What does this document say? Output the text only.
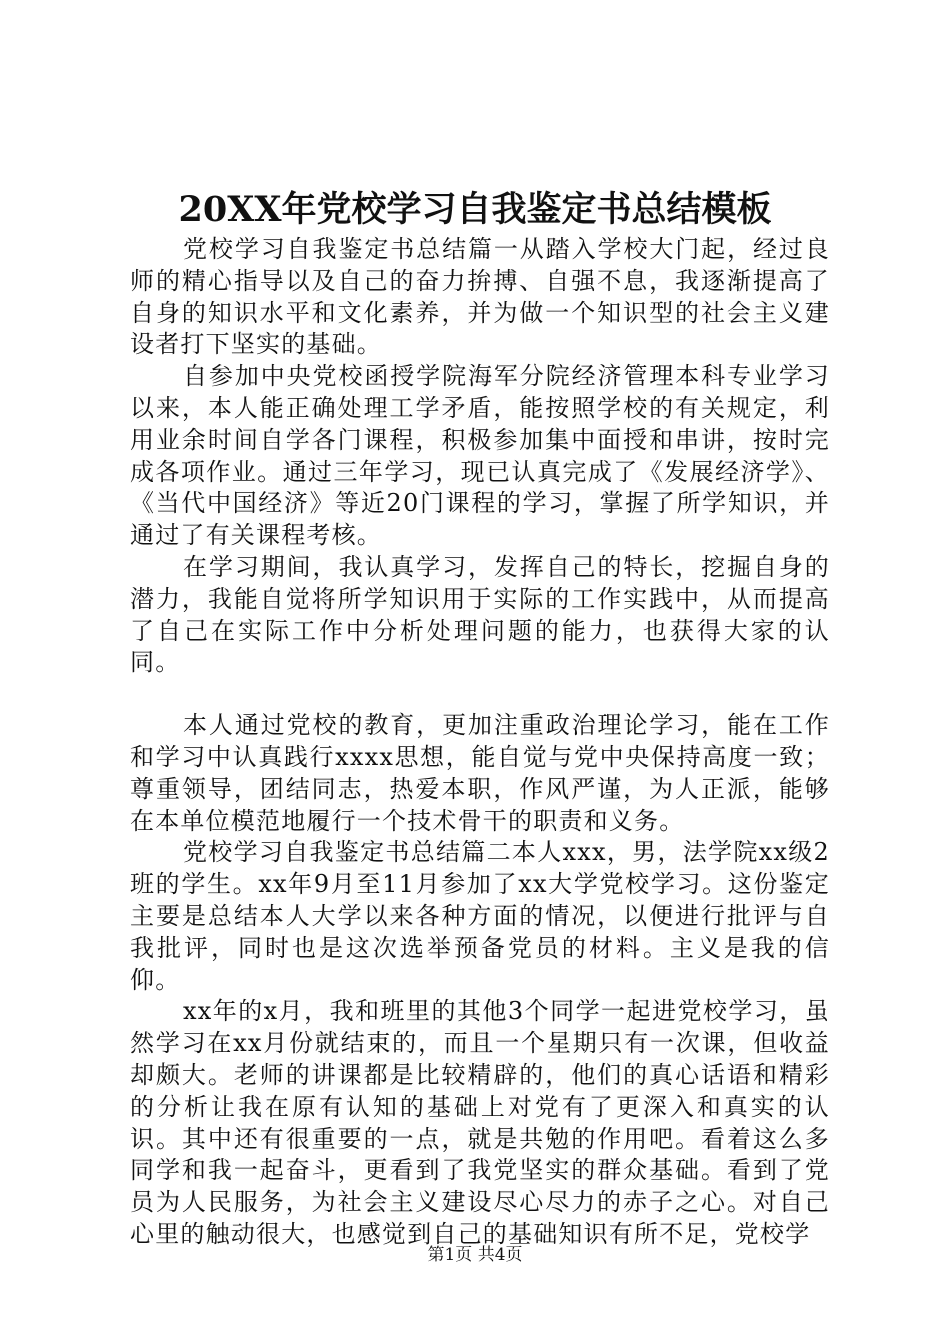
20XX年党校学习自我鉴定书总结模板

党校学习自我鉴定书总结篇一从踏入学校大门起，经过良师的精心指导以及自己的奋力拚搏、自强不息，我逐渐提高了自身的知识水平和文化素养，并为做一个知识型的社会主义建设者打下坚实的基础。

自参加中央党校函授学院海军分院经济管理本科专业学习以来，本人能正确处理工学矛盾，能按照学校的有关规定，利用业余时间自学各门课程，积极参加集中面授和串讲，按时完成各项作业。通过三年学习，现已认真完成了《发展经济学》、《当代中国经济》等近20门课程的学习，掌握了所学知识，并通过了有关课程考核。

在学习期间，我认真学习，发挥自己的特长，挖掘自身的潜力，我能自觉将所学知识用于实际的工作实践中，从而提高了自己在实际工作中分析处理问题的能力，也获得大家的认同。

本人通过党校的教育，更加注重政治理论学习，能在工作和学习中认真践行xxxx思想，能自觉与党中央保持高度一致；尊重领导，团结同志，热爱本职，作风严谨，为人正派，能够在本单位模范地履行一个技术骨干的职责和义务。

党校学习自我鉴定书总结篇二本人xxx，男，法学院xx级2班的学生。xx年9月至11月参加了xx大学党校学习。这份鉴定主要是总结本人大学以来各种方面的情况，以便进行批评与自我批评，同时也是这次选举预备党员的材料。主义是我的信仰。

xx年的x月，我和班里的其他3个同学一起进党校学习，虽然学习在xx月份就结束的，而且一个星期只有一次课，但收益却颇大。老师的讲课都是比较精辟的，他们的真心话语和精彩的分析让我在原有认知的基础上对党有了更深入和真实的认识。其中还有很重要的一点，就是共勉的作用吧。看着这么多同学和我一起奋斗，更看到了我党坚实的群众基础。看到了党员为人民服务，为社会主义建设尽心尽力的赤子之心。对自己心里的触动很大，也感觉到自己的基础知识有所不足，党校学

第1页 共4页
